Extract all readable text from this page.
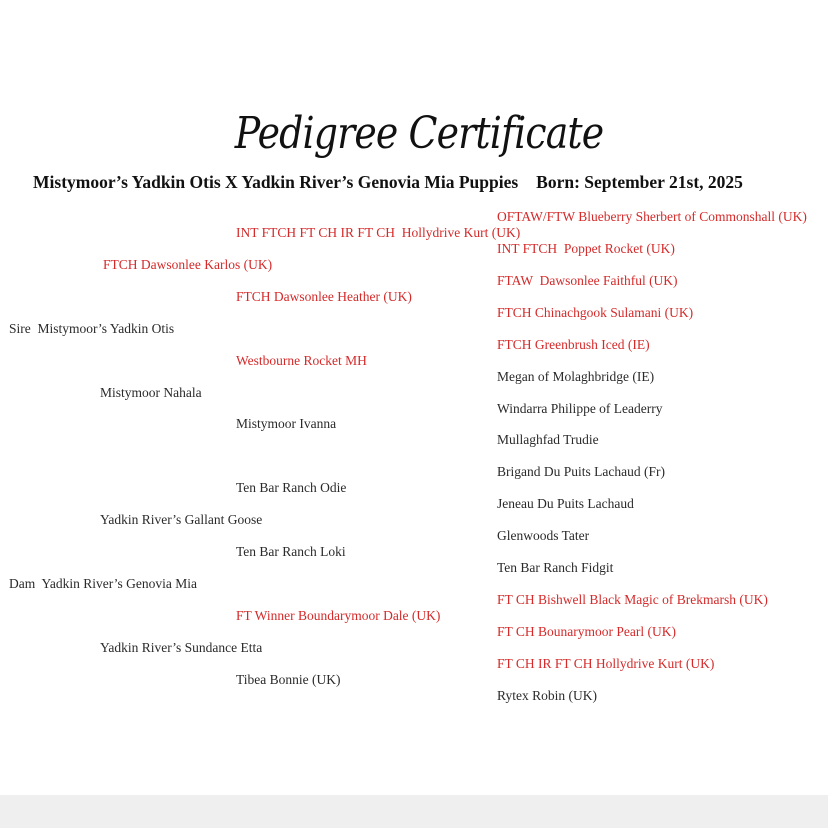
Pedigree Certificate
Mistymoor’s Yadkin Otis X Yadkin River’s Genovia Mia Puppies Born: September 21st, 2025
Sire  Mistymoor’s Yadkin Otis
Dam  Yadkin River’s Genovia Mia
FTCH Dawsonlee Karlos (UK)
Mistymoor Nahala
Yadkin River’s Gallant Goose
Yadkin River’s Sundance Etta
INT FTCH FT CH IR FT CH  Hollydrive Kurt (UK)
FTCH Dawsonlee Heather (UK)
Westbourne Rocket MH
Mistymoor Ivanna
Ten Bar Ranch Odie
Ten Bar Ranch Loki
FT Winner Boundarymoor Dale (UK)
Tibea Bonnie (UK)
OFTAW/FTW Blueberry Sherbert of Commonshall (UK)
INT FTCH  Poppet Rocket (UK)
FTAW  Dawsonlee Faithful (UK)
FTCH Chinachgook Sulamani (UK)
FTCH Greenbrush Iced (IE)
Megan of Molaghbridge (IE)
Windarra Philippe of Leaderry
Mullaghfad Trudie
Brigand Du Puits Lachaud (Fr)
Jeneau Du Puits Lachaud
Glenwoods Tater
Ten Bar Ranch Fidgit
FT CH Bishwell Black Magic of Brekmarsh (UK)
FT CH Bounarymoor Pearl (UK)
FT CH IR FT CH Hollydrive Kurt (UK)
Rytex Robin (UK)
